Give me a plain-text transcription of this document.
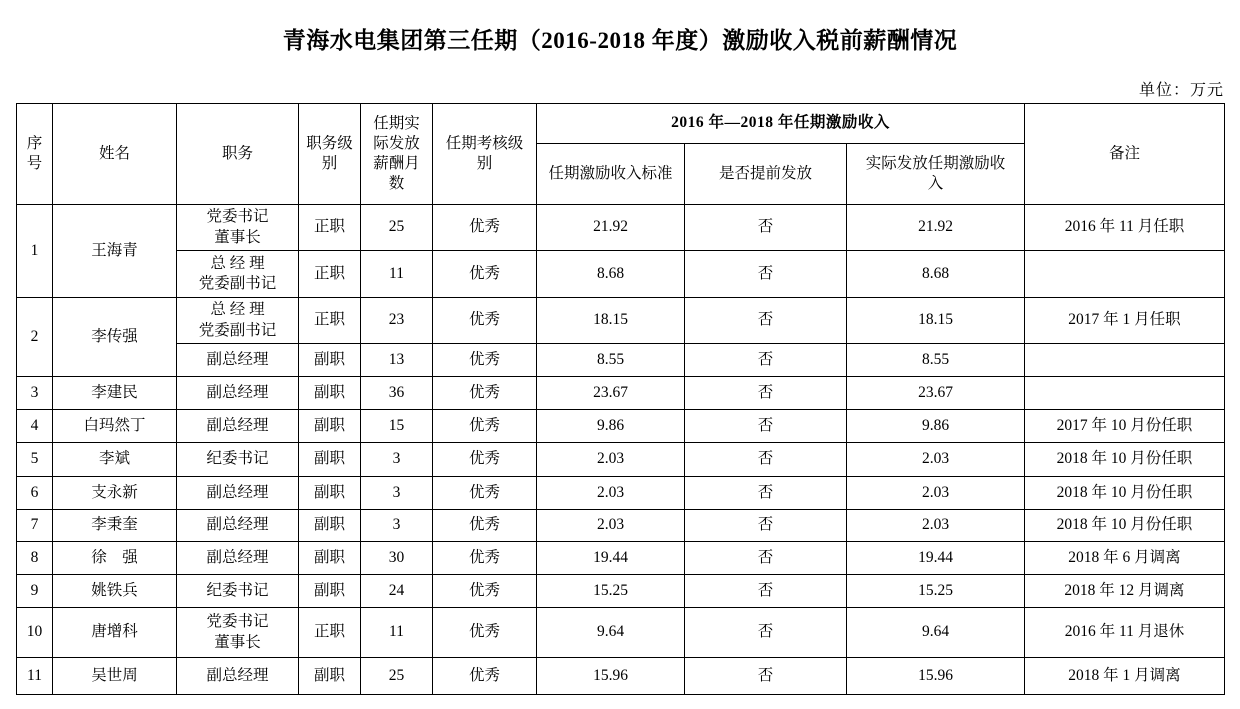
青海水电集团第三任期（2016-2018 年度）激励收入税前薪酬情况
单位：万元
序号	姓名	职务	职务级别	任期实际发放薪酬月数	任期考核级别	2016 年—2018 年任期激励收入			备注
						任期激励收入标准	是否提前发放	实际发放任期激励收入	
1	王海青	党委书记
董事长	正职	25	优秀	21.92	否	21.92	2016 年 11 月任职

		总 经 理
党委副书记	正职	11	优秀	8.68	否	8.68	
2	李传强	总 经 理
党委副书记	正职	23	优秀	18.15	否	18.15	2017 年 1 月任职

		副总经理	副职	13	优秀	8.55	否	8.55	
3	李建民	副总经理	副职	36	优秀	23.67	否	23.67	
4	白玛然丁	副总经理	副职	15	优秀	9.86	否	9.86	2017 年 10 月份任职
5	李斌	纪委书记	副职	3	优秀	2.03	否	2.03	2018 年 10 月份任职
6	支永新	副总经理	副职	3	优秀	2.03	否	2.03	2018 年 10 月份任职
7	李秉奎	副总经理	副职	3	优秀	2.03	否	2.03	2018 年 10 月份任职
8	徐　强	副总经理	副职	30	优秀	19.44	否	19.44	2018 年 6 月调离
9	姚铁兵	纪委书记	副职	24	优秀	15.25	否	15.25	2018 年 12 月调离
10	唐增科	党委书记
董事长	正职	11	优秀	9.64	否	9.64	2016 年 11 月退休
11	吴世周	副总经理	副职	25	优秀	15.96	否	15.96	2018 年 1 月调离
